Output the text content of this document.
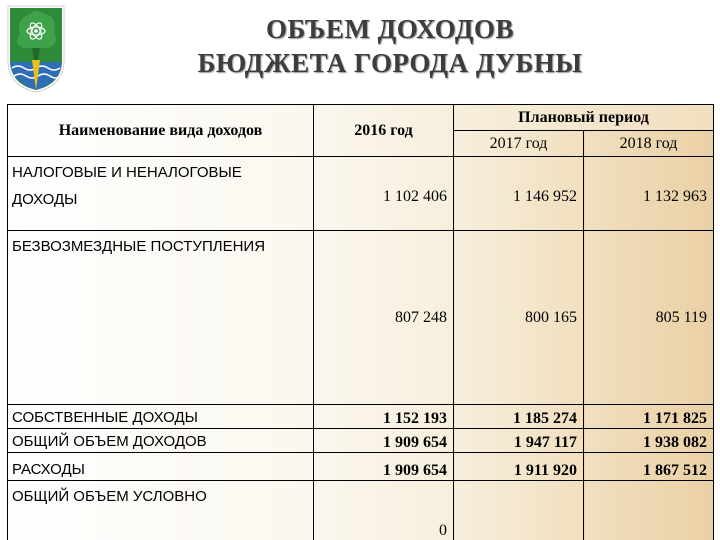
ОБЪЕМ ДОХОДОВ
БЮДЖЕТА ГОРОДА ДУБНЫ
Наименование вида доходов	2016 год	Плановый период	
		2017 год	2018 год
НАЛОГОВЫЕ И НЕНАЛОГОВЫЕ ДОХОДЫ	1 102 406	1 146 952	1 132 963
БЕЗВОЗМЕЗДНЫЕ ПОСТУПЛЕНИЯ	807 248	800 165	805 119
СОБСТВЕННЫЕ ДОХОДЫ	1 152 193	1 185 274	1 171 825
ОБЩИЙ ОБЪЕМ ДОХОДОВ	1 909 654	1 947 117	1 938 082
РАСХОДЫ	1 909 654	1 911 920	1 867 512
ОБЩИЙ ОБЪЕМ УСЛОВНО	0		
